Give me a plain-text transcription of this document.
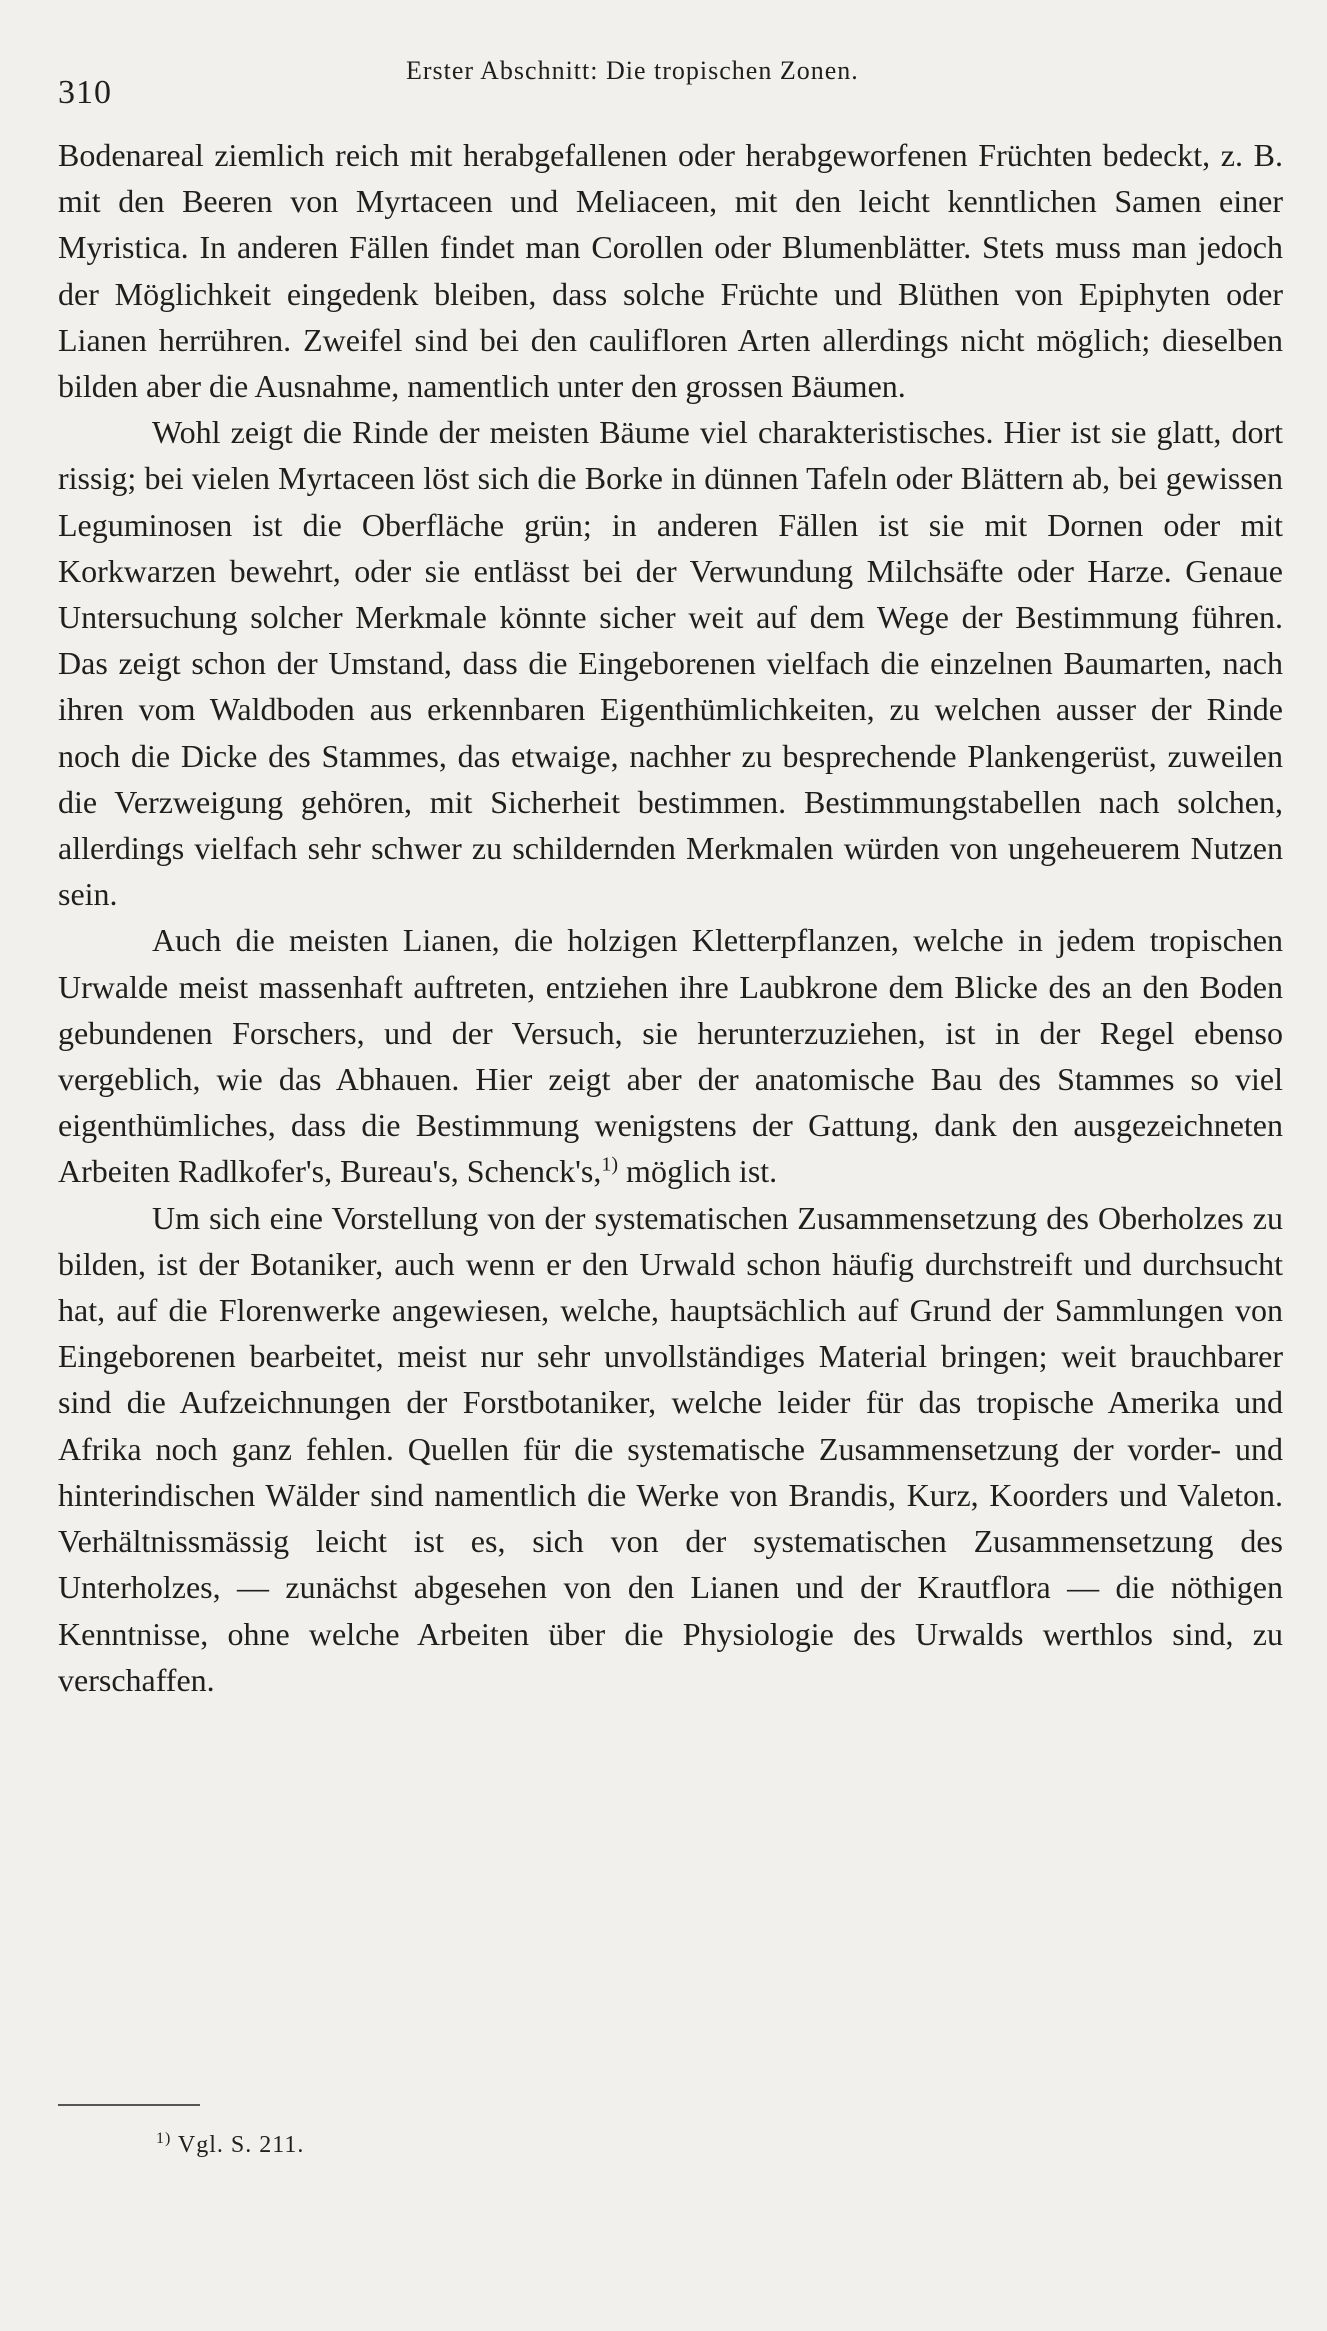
310
Erster Abschnitt: Die tropischen Zonen.

Bodenareal ziemlich reich mit herabgefallenen oder herabgeworfenen Früchten bedeckt, z. B. mit den Beeren von Myrtaceen und Meliaceen, mit den leicht kenntlichen Samen einer Myristica. In anderen Fällen findet man Corollen oder Blumenblätter. Stets muss man jedoch der Möglichkeit eingedenk bleiben, dass solche Früchte und Blüthen von Epiphyten oder Lianen herrühren. Zweifel sind bei den caulifloren Arten allerdings nicht möglich; dieselben bilden aber die Ausnahme, namentlich unter den grossen Bäumen.

Wohl zeigt die Rinde der meisten Bäume viel charakteristisches. Hier ist sie glatt, dort rissig; bei vielen Myrtaceen löst sich die Borke in dünnen Tafeln oder Blättern ab, bei gewissen Leguminosen ist die Oberfläche grün; in anderen Fällen ist sie mit Dornen oder mit Korkwarzen bewehrt, oder sie entlässt bei der Verwundung Milchsäfte oder Harze. Genaue Untersuchung solcher Merkmale könnte sicher weit auf dem Wege der Bestimmung führen. Das zeigt schon der Umstand, dass die Eingeborenen vielfach die einzelnen Baumarten, nach ihren vom Waldboden aus erkennbaren Eigenthümlichkeiten, zu welchen ausser der Rinde noch die Dicke des Stammes, das etwaige, nachher zu besprechende Plankengerüst, zuweilen die Verzweigung gehören, mit Sicherheit bestimmen. Bestimmungstabellen nach solchen, allerdings vielfach sehr schwer zu schildernden Merkmalen würden von ungeheuerem Nutzen sein.

Auch die meisten Lianen, die holzigen Kletterpflanzen, welche in jedem tropischen Urwalde meist massenhaft auftreten, entziehen ihre Laubkrone dem Blicke des an den Boden gebundenen Forschers, und der Versuch, sie herunterzuziehen, ist in der Regel ebenso vergeblich, wie das Abhauen. Hier zeigt aber der anatomische Bau des Stammes so viel eigenthümliches, dass die Bestimmung wenigstens der Gattung, dank den ausgezeichneten Arbeiten Radlkofer's, Bureau's, Schenck's,$^{1)}$ möglich ist.

Um sich eine Vorstellung von der systematischen Zusammensetzung des Oberholzes zu bilden, ist der Botaniker, auch wenn er den Urwald schon häufig durchstreift und durchsucht hat, auf die Florenwerke angewiesen, welche, hauptsächlich auf Grund der Sammlungen von Eingeborenen bearbeitet, meist nur sehr unvollständiges Material bringen; weit brauchbarer sind die Aufzeichnungen der Forstbotaniker, welche leider für das tropische Amerika und Afrika noch ganz fehlen. Quellen für die systematische Zusammensetzung der vorder- und hinterindischen Wälder sind namentlich die Werke von Brandis, Kurz, Koorders und Valeton. Verhältnissmässig leicht ist es, sich von der systematischen Zusammensetzung des Unterholzes, — zunächst abgesehen von den Lianen und der Krautflora — die nöthigen Kenntnisse, ohne welche Arbeiten über die Physiologie des Urwalds werthlos sind, zu verschaffen.

$^{1)}$ Vgl. S. 211.
